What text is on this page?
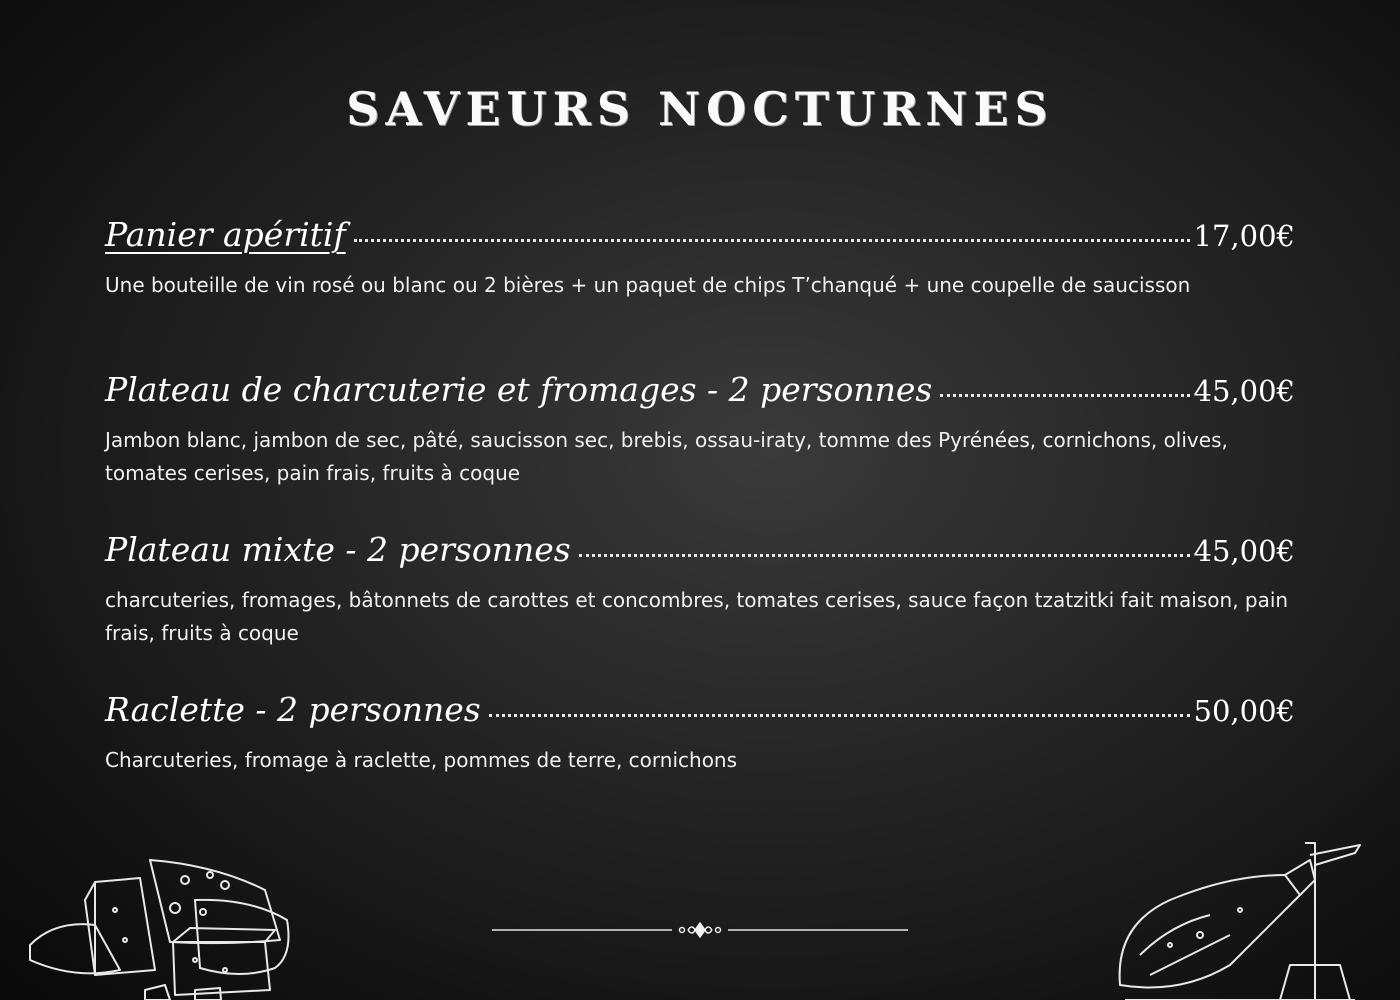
SAVEURS NOCTURNES
Panier apéritif	17,00€
Une bouteille de vin rosé ou blanc ou 2 bières + un paquet de chips T’chanqué + une coupelle de saucisson
Plateau de charcuterie et fromages - 2 personnes	45,00€
Jambon blanc, jambon de sec, pâté, saucisson sec, brebis, ossau-iraty, tomme des Pyrénées, cornichons, olives, tomates cerises, pain frais, fruits à coque
Plateau mixte - 2 personnes	45,00€
charcuteries, fromages, bâtonnets de carottes et concombres, tomates cerises, sauce façon tzatzitki fait maison, pain frais, fruits à coque
Raclette - 2 personnes	50,00€
Charcuteries, fromage à raclette, pommes de terre, cornichons
